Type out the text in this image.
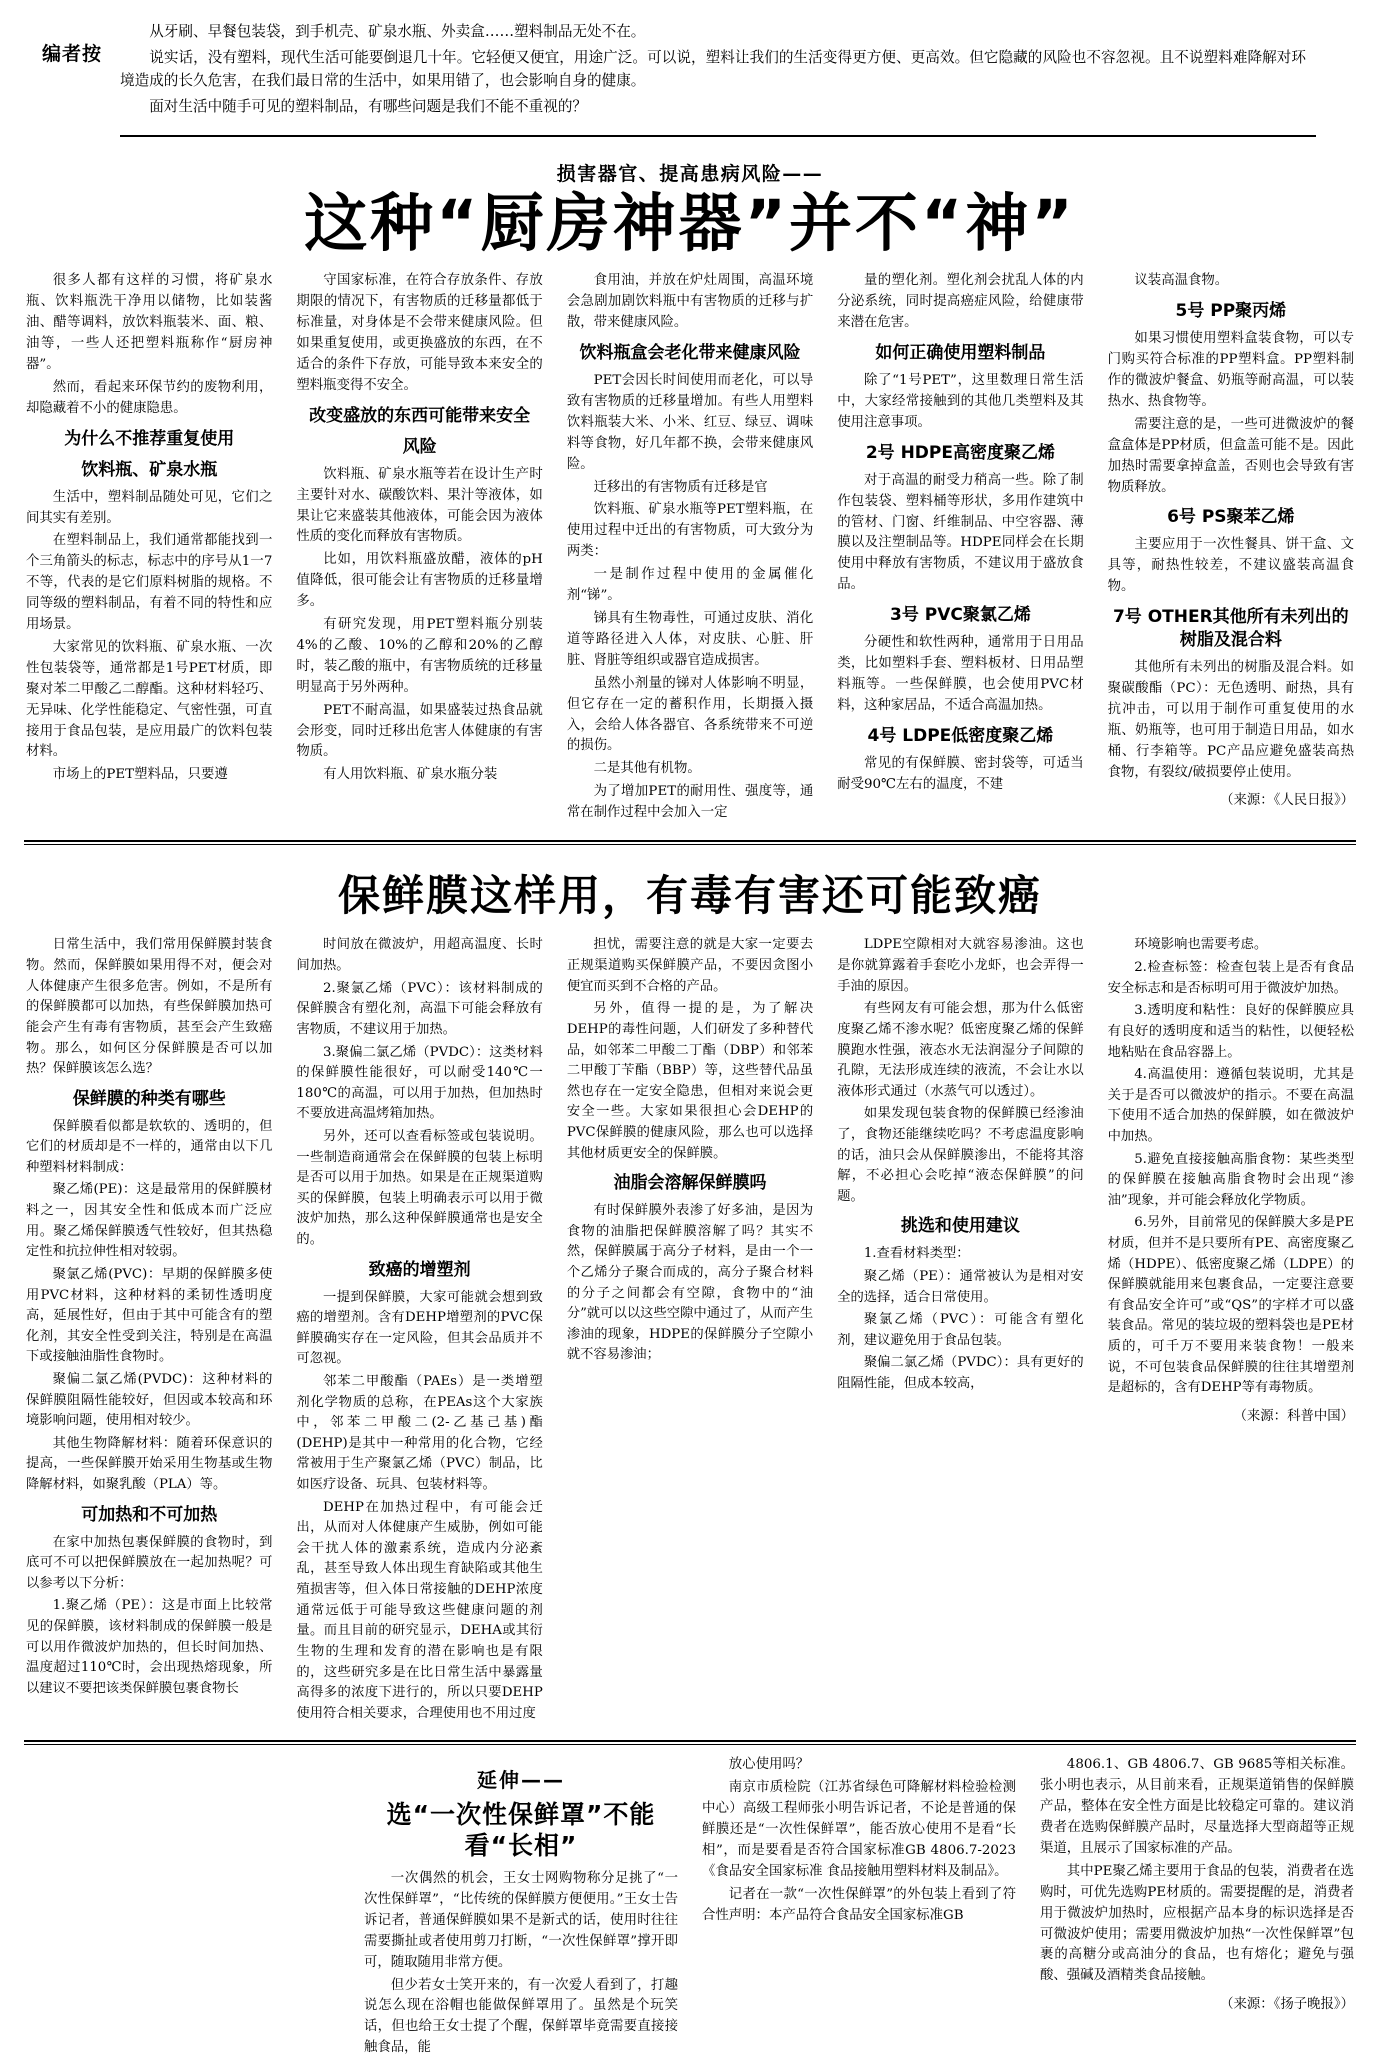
编者按

从牙刷、早餐包装袋，到手机壳、矿泉水瓶、外卖盒……塑料制品无处不在。

说实话，没有塑料，现代生活可能要倒退几十年。它轻便又便宜，用途广泛。可以说，塑料让我们的生活变得更方便、更高效。但它隐藏的风险也不容忽视。且不说塑料难降解对环境造成的长久危害，在我们最日常的生活中，如果用错了，也会影响自身的健康。

面对生活中随手可见的塑料制品，有哪些问题是我们不能不重视的？

损害器官、提高患病风险——
这种“厨房神器”并不“神”

很多人都有这样的习惯，将矿泉水瓶、饮料瓶洗干净用以储物，比如装酱油、醋等调料，放饮料瓶装米、面、粮、油等，一些人还把塑料瓶称作“厨房神器”。

然而，看起来环保节约的废物利用，却隐藏着不小的健康隐患。

为什么不推荐重复使用
饮料瓶、矿泉水瓶

生活中，塑料制品随处可见，它们之间其实有差别。

在塑料制品上，我们通常都能找到一个三角箭头的标志，标志中的序号从1一7不等，代表的是它们原料树脂的规格。不同等级的塑料制品，有着不同的特性和应用场景。

大家常见的饮料瓶、矿泉水瓶、一次性包装袋等，通常都是1号PET材质，即聚对苯二甲酸乙二醇酯。这种材料轻巧、无异味、化学性能稳定、气密性强，可直接用于食品包装，是应用最广的饮料包装材料。

市场上的PET塑料品，只要遵

守国家标准，在符合存放条件、存放期限的情况下，有害物质的迁移量都低于标准量，对身体是不会带来健康风险。但如果重复使用，或更换盛放的东西，在不适合的条件下存放，可能导致本来安全的塑料瓶变得不安全。

改变盛放的东西可能带来安全
风险

饮料瓶、矿泉水瓶等若在设计生产时主要针对水、碳酸饮料、果汁等液体，如果让它来盛装其他液体，可能会因为液体性质的变化而释放有害物质。

比如，用饮料瓶盛放醋，液体的pH值降低，很可能会让有害物质的迁移量增多。

有研究发现，用PET塑料瓶分别装4%的乙酸、10%的乙醇和20%的乙醇时，装乙酸的瓶中，有害物质统的迁移量明显高于另外两种。

PET不耐高温，如果盛装过热食品就会形变，同时迁移出危害人体健康的有害物质。

有人用饮料瓶、矿泉水瓶分装

食用油，并放在炉灶周围，高温环境会急剧加剧饮料瓶中有害物质的迁移与扩散，带来健康风险。

饮料瓶盒会老化带来健康风险

PET会因长时间使用而老化，可以导致有害物质的迁移量增加。有些人用塑料饮料瓶装大米、小米、红豆、绿豆、调味料等食物，好几年都不换，会带来健康风险。

迁移出的有害物质有迁移是官

饮料瓶、矿泉水瓶等PET塑料瓶，在使用过程中迁出的有害物质，可大致分为两类：

一是制作过程中使用的金属催化剂“锑”。

锑具有生物毒性，可通过皮肤、消化道等路径进入人体，对皮肤、心脏、肝脏、肾脏等组织或器官造成损害。

虽然小剂量的锑对人体影响不明显，但它存在一定的蓄积作用，长期摄入摄入，会给人体各器官、各系统带来不可逆的损伤。

二是其他有机物。

为了增加PET的耐用性、强度等，通常在制作过程中会加入一定

量的塑化剂。塑化剂会扰乱人体的内分泌系统，同时提高癌症风险，给健康带来潜在危害。

如何正确使用塑料制品

除了“1号PET”，这里数理日常生活中，大家经常接触到的其他几类塑料及其使用注意事项。

2号 HDPE高密度聚乙烯

对于高温的耐受力稍高一些。除了制作包装袋、塑料桶等形状，多用作建筑中的管材、门窗、纤维制品、中空容器、薄膜以及注塑制品等。HDPE同样会在长期使用中释放有害物质，不建议用于盛放食品。

3号 PVC聚氯乙烯

分硬性和软性两种，通常用于日用品类，比如塑料手套、塑料板材、日用品塑料瓶等。一些保鲜膜，也会使用PVC材料，这种家居品，不适合高温加热。

4号 LDPE低密度聚乙烯

常见的有保鲜膜、密封袋等，可适当耐受90℃左右的温度，不建

议装高温食物。

5号 PP聚丙烯

如果习惯使用塑料盒装食物，可以专门购买符合标准的PP塑料盒。PP塑料制作的微波炉餐盒、奶瓶等耐高温，可以装热水、热食物等。

需要注意的是，一些可进微波炉的餐盒盒体是PP材质，但盒盖可能不是。因此加热时需要拿掉盒盖，否则也会导致有害物质释放。

6号 PS聚苯乙烯

主要应用于一次性餐具、饼干盒、文具等，耐热性较差，不建议盛装高温食物。

7号 OTHER其他所有未列出的树脂及混合料

其他所有未列出的树脂及混合料。如聚碳酸酯（PC）：无色透明、耐热，具有抗冲击，可以用于制作可重复使用的水瓶、奶瓶等，也可用于制造日用品，如水桶、行李箱等。PC产品应避免盛装高热食物，有裂纹/破损要停止使用。

（来源：《人民日报》）
保鲜膜这样用，有毒有害还可能致癌

日常生活中，我们常用保鲜膜封装食物。然而，保鲜膜如果用得不对，便会对人体健康产生很多危害。例如，不是所有的保鲜膜都可以加热，有些保鲜膜加热可能会产生有毒有害物质，甚至会产生致癌物。那么，如何区分保鲜膜是否可以加热？保鲜膜该怎么选？

保鲜膜的种类有哪些

保鲜膜看似都是软软的、透明的，但它们的材质却是不一样的，通常由以下几种塑料材料制成：

聚乙烯(PE)：这是最常用的保鲜膜材料之一，因其安全性和低成本而广泛应用。聚乙烯保鲜膜透气性较好，但其热稳定性和抗拉伸性相对较弱。

聚氯乙烯(PVC)：早期的保鲜膜多使用PVC材料，这种材料的柔韧性透明度高，延展性好，但由于其中可能含有的塑化剂，其安全性受到关注，特别是在高温下或接触油脂性食物时。

聚偏二氯乙烯(PVDC)：这种材料的保鲜膜阻隔性能较好，但因或本较高和环境影响问题，使用相对较少。

其他生物降解材料：随着环保意识的提高，一些保鲜膜开始采用生物基或生物降解材料，如聚乳酸（PLA）等。

可加热和不可加热

在家中加热包裹保鲜膜的食物时，到底可不可以把保鲜膜放在一起加热呢？可以参考以下分析：

1.聚乙烯（PE）：这是市面上比较常见的保鲜膜，该材料制成的保鲜膜一般是可以用作微波炉加热的，但长时间加热、温度超过110℃时，会出现热熔现象，所以建议不要把该类保鲜膜包裹食物长

时间放在微波炉，用超高温度、长时间加热。

2.聚氯乙烯（PVC）：该材料制成的保鲜膜含有塑化剂，高温下可能会释放有害物质，不建议用于加热。

3.聚偏二氯乙烯（PVDC）：这类材料的保鲜膜性能很好，可以耐受140℃一180℃的高温，可以用于加热，但加热时不要放进高温烤箱加热。

另外，还可以查看标签或包装说明。一些制造商通常会在保鲜膜的包装上标明是否可以用于加热。如果是在正规渠道购买的保鲜膜，包装上明确表示可以用于微波炉加热，那么这种保鲜膜通常也是安全的。

致癌的增塑剂

一提到保鲜膜，大家可能就会想到致癌的增塑剂。含有DEHP增塑剂的PVC保鲜膜确实存在一定风险，但其会品质并不可忽视。

邻苯二甲酸酯（PAEs）是一类增塑剂化学物质的总称，在PEAs这个大家族中，邻苯二甲酸二(2-乙基己基)酯(DEHP)是其中一种常用的化合物，它经常被用于生产聚氯乙烯（PVC）制品，比如医疗设备、玩具、包装材料等。

DEHP在加热过程中，有可能会迁出，从而对人体健康产生威胁，例如可能会干扰人体的激素系统，造成内分泌紊乱，甚至导致人体出现生育缺陷或其他生殖损害等，但入体日常接触的DEHP浓度通常远低于可能导致这些健康问题的剂量。而且目前的研究显示，DEHA或其衍生物的生理和发育的潜在影响也是有限的，这些研究多是在比日常生活中暴露量高得多的浓度下进行的，所以只要DEHP使用符合相关要求，合理使用也不用过度

担忧，需要注意的就是大家一定要去正规渠道购买保鲜膜产品，不要因贪图小便宜而买到不合格的产品。

另外，值得一提的是，为了解决DEHP的毒性问题，人们研发了多种替代品，如邻苯二甲酸二丁酯（DBP）和邻苯二甲酸丁苄酯（BBP）等，这些替代品虽然也存在一定安全隐患，但相对来说会更安全一些。大家如果很担心会DEHP的PVC保鲜膜的健康风险，那么也可以选择其他材质更安全的保鲜膜。

油脂会溶解保鲜膜吗

有时保鲜膜外表渗了好多油，是因为食物的油脂把保鲜膜溶解了吗？其实不然，保鲜膜属于高分子材料，是由一个一个乙烯分子聚合而成的，高分子聚合材料的分子之间都会有空隙，食物中的“油分”就可以以这些空隙中通过了，从而产生渗油的现象，HDPE的保鲜膜分子空隙小就不容易渗油；

LDPE空隙相对大就容易渗油。这也是你就算露着手套吃小龙虾，也会弄得一手油的原因。

有些网友有可能会想，那为什么低密度聚乙烯不渗水呢？低密度聚乙烯的保鲜膜跑水性强，液态水无法润湿分子间隙的孔隙，无法形成连续的液流，不会让水以液体形式通过（水蒸气可以透过）。

如果发现包装食物的保鲜膜已经渗油了，食物还能继续吃吗？不考虑温度影响的话，油只会从保鲜膜渗出，不能将其溶解，不必担心会吃掉“液态保鲜膜”的问题。

挑选和使用建议

1.查看材料类型：

聚乙烯（PE）：通常被认为是相对安全的选择，适合日常使用。

聚氯乙烯（PVC）：可能含有塑化剂，建议避免用于食品包装。

聚偏二氯乙烯（PVDC）：具有更好的阻隔性能，但成本较高，

环境影响也需要考虑。

2.检查标签：检查包装上是否有食品安全标志和是否标明可用于微波炉加热。

3.透明度和粘性：良好的保鲜膜应具有良好的透明度和适当的粘性，以便轻松地粘贴在食品容器上。

4.高温使用：遵循包装说明，尤其是关于是否可以微波炉的指示。不要在高温下使用不适合加热的保鲜膜，如在微波炉中加热。

5.避免直接接触高脂食物：某些类型的保鲜膜在接触高脂食物时会出现“渗油”现象，并可能会释放化学物质。

6.另外，目前常见的保鲜膜大多是PE材质，但并不是只要所有PE、高密度聚乙烯（HDPE）、低密度聚乙烯（LDPE）的保鲜膜就能用来包裹食品，一定要注意要有食品安全许可”或“QS”的字样才可以盛装食品。常见的装垃圾的塑料袋也是PE材质的，可千万不要用来装食物！一般来说，不可包装食品保鲜膜的往往其增塑剂是超标的，含有DEHP等有毒物质。

（来源：科普中国）
延伸——
选“一次性保鲜罩”不能看“长相”

一次偶然的机会，王女士网购物称分足挑了“一次性保鲜罩”，“比传统的保鲜膜方便便用。”王女士告诉记者，普通保鲜膜如果不是新式的话，使用时往往需要撕扯或者使用剪刀打断，“一次性保鲜罩”撑开即可，随取随用非常方便。

但少若女士笑开来的，有一次爱人看到了，打趣说怎么现在浴帽也能做保鲜罩用了。虽然是个玩笑话，但也给王女士提了个醒，保鲜罩毕竟需要直接接触食品，能

放心使用吗？

南京市质检院（江苏省绿色可降解材料检验检测中心）高级工程师张小明告诉记者，不论是普通的保鲜膜还是“一次性保鲜罩”，能否放心使用不是看“长相”，而是要看是否符合国家标准GB 4806.7-2023《食品安全国家标准 食品接触用塑料材料及制品》。

记者在一款“一次性保鲜罩”的外包装上看到了符合性声明：本产品符合食品安全国家标准GB

4806.1、GB 4806.7、GB 9685等相关标准。张小明也表示，从目前来看，正规渠道销售的保鲜膜产品，整体在安全性方面是比较稳定可靠的。建议消费者在选购保鲜膜产品时，尽量选择大型商超等正规渠道，且展示了国家标准的产品。

其中PE聚乙烯主要用于食品的包装，消费者在选购时，可优先选购PE材质的。需要提醒的是，消费者用于微波炉加热时，应根据产品本身的标识选择是否可微波炉使用；需要用微波炉加热“一次性保鲜罩”包裹的高糖分或高油分的食品，也有熔化；避免与强酸、强碱及酒精类食品接触。

（来源：《扬子晚报》）
